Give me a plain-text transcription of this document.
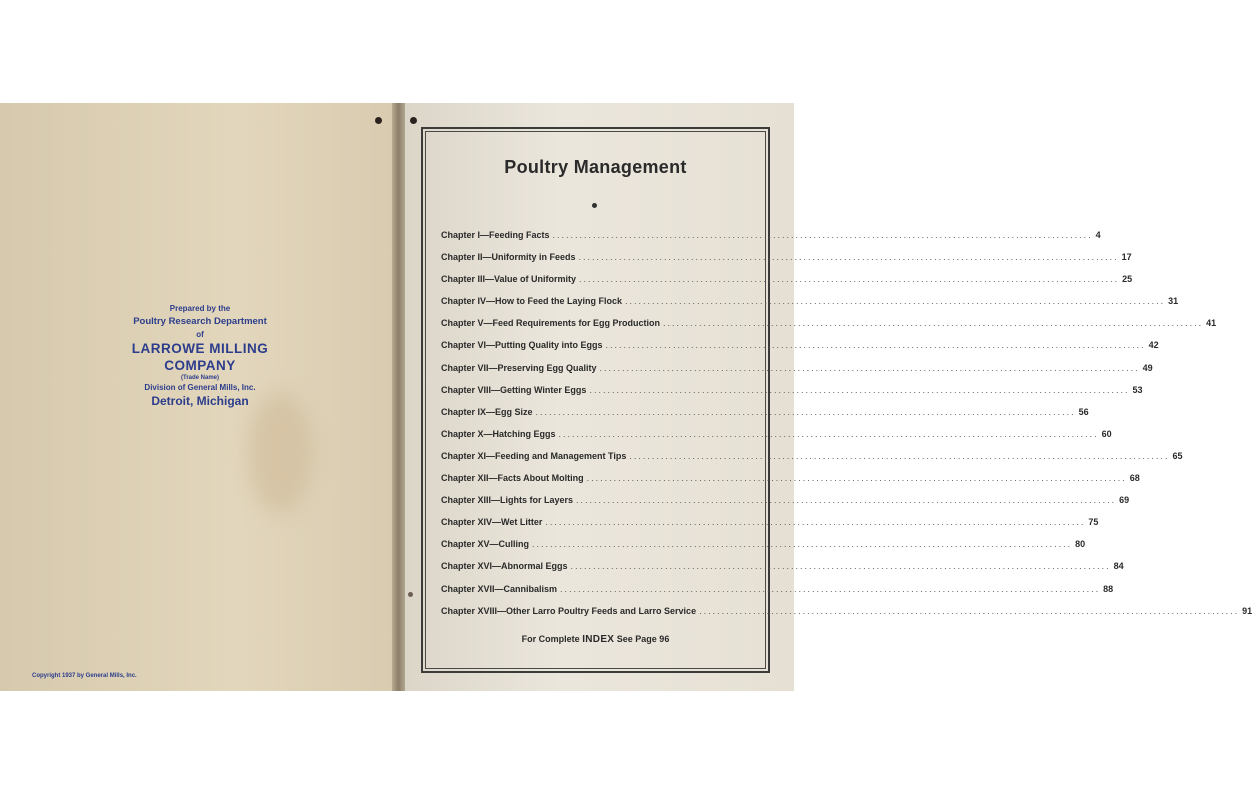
Prepared by the
Poultry Research Department
of
LARROWE MILLING COMPANY
(Trade Name)
Division of General Mills, Inc.
Detroit, Michigan
Copyright 1937 by General Mills, Inc.
Poultry Management
Chapter I—Feeding Facts ........................................................................................................................ 4
Chapter II—Uniformity in Feeds ........................................................................................................................ 17
Chapter III—Value of Uniformity ........................................................................................................................ 25
Chapter IV—How to Feed the Laying Flock ........................................................................................................................ 31
Chapter V—Feed Requirements for Egg Production ........................................................................................................................ 41
Chapter VI—Putting Quality into Eggs ........................................................................................................................ 42
Chapter VII—Preserving Egg Quality ........................................................................................................................ 49
Chapter VIII—Getting Winter Eggs ........................................................................................................................ 53
Chapter IX—Egg Size ........................................................................................................................ 56
Chapter X—Hatching Eggs ........................................................................................................................ 60
Chapter XI—Feeding and Management Tips ........................................................................................................................ 65
Chapter XII—Facts About Molting ........................................................................................................................ 68
Chapter XIII—Lights for Layers ........................................................................................................................ 69
Chapter XIV—Wet Litter ........................................................................................................................ 75
Chapter XV—Culling ........................................................................................................................ 80
Chapter XVI—Abnormal Eggs ........................................................................................................................ 84
Chapter XVII—Cannibalism ........................................................................................................................ 88
Chapter XVIII—Other Larro Poultry Feeds and Larro Service ........................................................................................................................ 91
For Complete INDEX See Page 96
